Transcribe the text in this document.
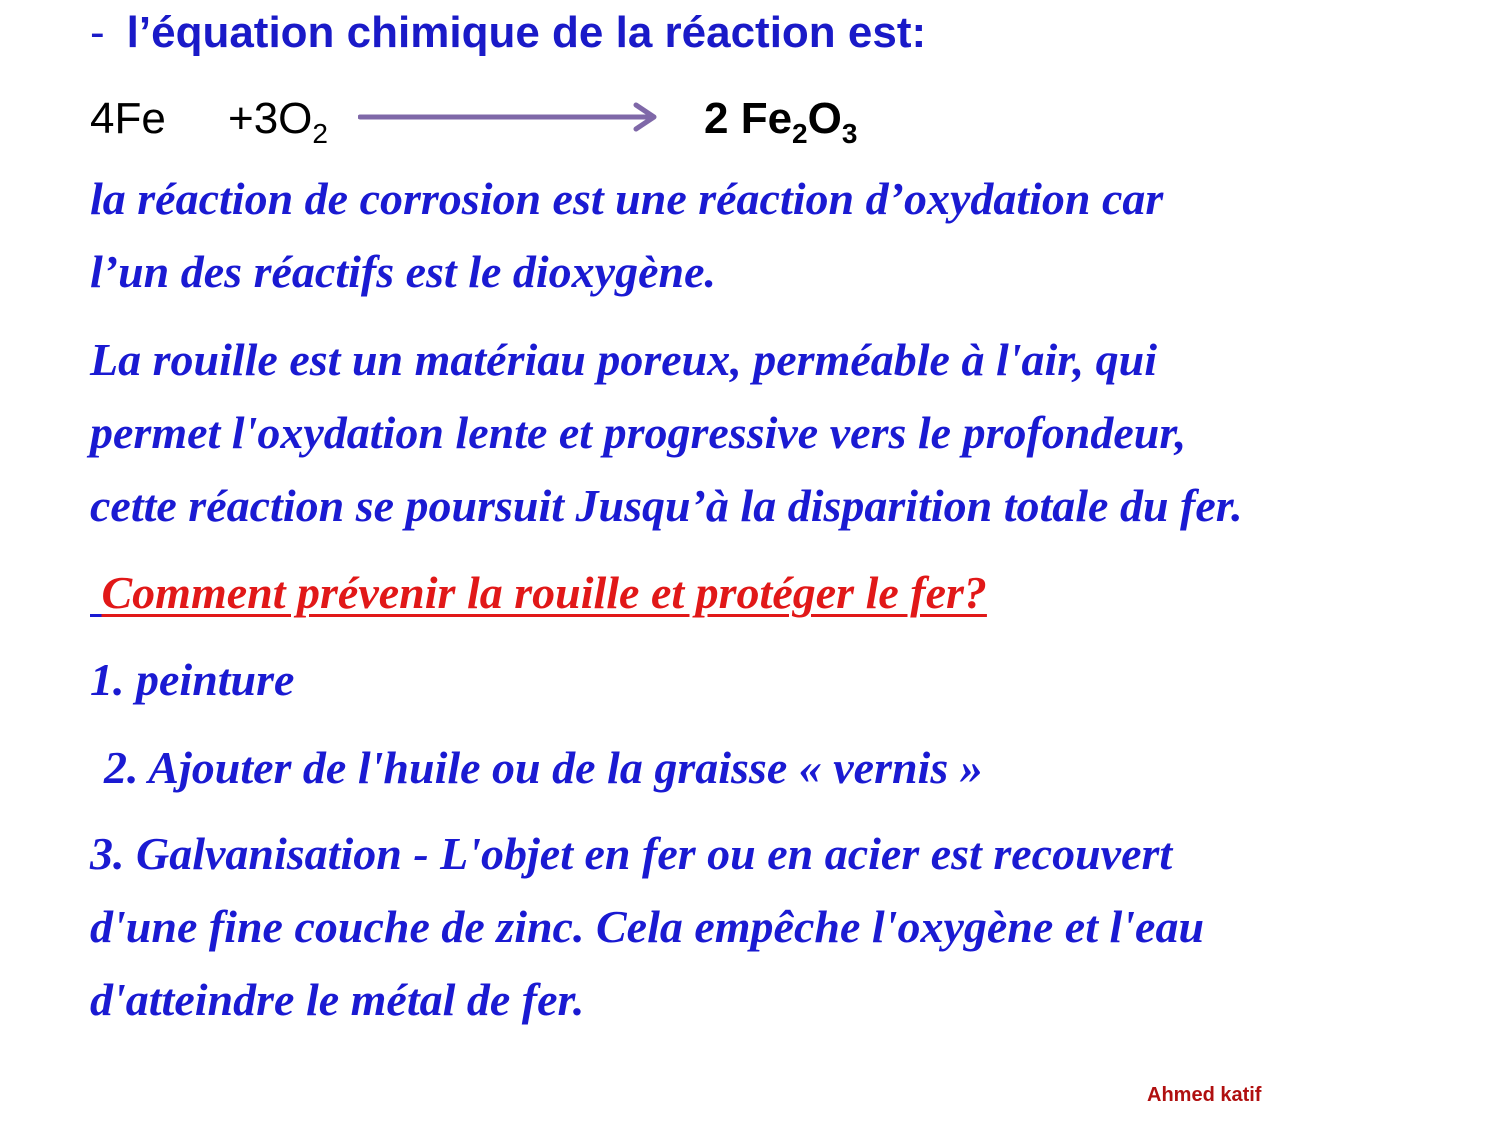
- l’équation chimique de la réaction est:
$4Fe +3O_2$	2 $Fe_2O_3$
la réaction de corrosion est une réaction d’oxydation car
l’un des réactifs est le dioxygène.
La rouille est un matériau poreux, perméable à l'air, qui
permet l'oxydation lente et progressive vers le profondeur,
cette réaction se poursuit Jusqu’à la disparition totale du fer.
Comment prévenir la rouille et protéger le fer?
1. peinture
2. Ajouter de l'huile ou de la graisse « vernis »
3. Galvanisation - L'objet en fer ou en acier est recouvert
d'une fine couche de zinc. Cela empêche l'oxygène et l'eau
d'atteindre le métal de fer.
Ahmed katif
